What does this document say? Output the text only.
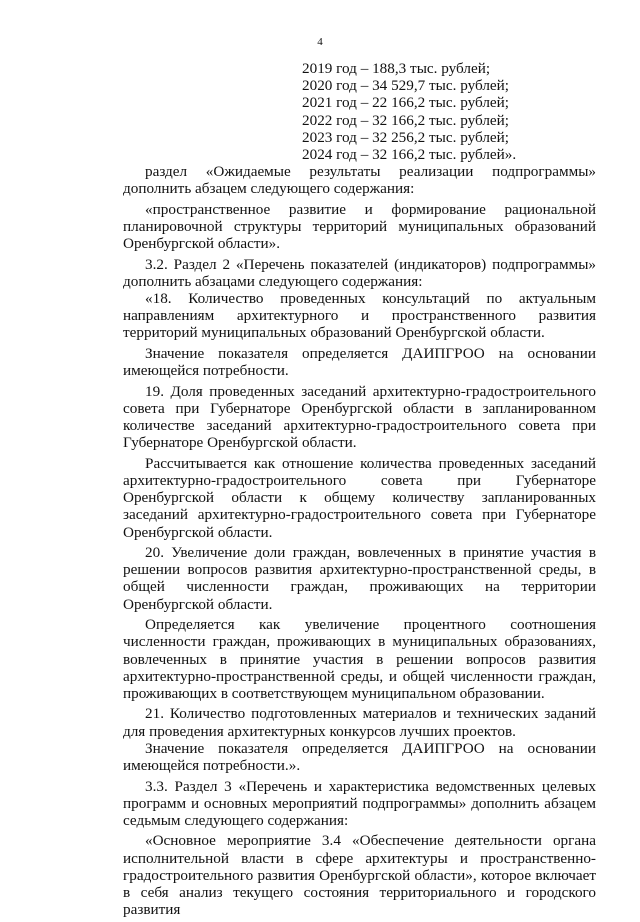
4
2019 год – 188,3 тыс. рублей;
2020 год – 34 529,7 тыс. рублей;
2021 год – 22 166,2 тыс. рублей;
2022 год – 32 166,2 тыс. рублей;
2023 год – 32 256,2 тыс. рублей;
2024 год – 32 166,2 тыс. рублей».

раздел «Ожидаемые результаты реализации подпрограммы» дополнить абзацем следующего содержания:

«пространственное развитие и формирование рациональной планировочной структуры территорий муниципальных образований Оренбургской области».

3.2. Раздел 2 «Перечень показателей (индикаторов) подпрограммы» дополнить абзацами следующего содержания:

«18. Количество проведенных консультаций по актуальным направлениям архитектурного и пространственного развития территорий муниципальных образований Оренбургской области.

Значение показателя определяется ДАИПГРОО на основании имеющейся потребности.

19. Доля проведенных заседаний архитектурно-градостроительного совета при Губернаторе Оренбургской области в запланированном количестве заседаний архитектурно-градостроительного совета при Губернаторе Оренбургской области.

Рассчитывается как отношение количества проведенных заседаний архитектурно-градостроительного совета при Губернаторе Оренбургской области к общему количеству запланированных заседаний архитектурно-градостроительного совета при Губернаторе Оренбургской области.

20. Увеличение доли граждан, вовлеченных в принятие участия в решении вопросов развития архитектурно-пространственной среды, в общей численности граждан, проживающих на территории Оренбургской области.

Определяется как увеличение процентного соотношения численности граждан, проживающих в муниципальных образованиях, вовлеченных в принятие участия в решении вопросов развития архитектурно-пространственной среды, и общей численности граждан, проживающих в соответствующем муниципальном образовании.

21. Количество подготовленных материалов и технических заданий для проведения архитектурных конкурсов лучших проектов.

Значение показателя определяется ДАИПГРОО на основании имеющейся потребности.».

3.3. Раздел 3 «Перечень и характеристика ведомственных целевых программ и основных мероприятий подпрограммы» дополнить абзацем седьмым следующего содержания:

«Основное мероприятие 3.4 «Обеспечение деятельности органа исполнительной власти в сфере архитектуры и пространственно-градостроительного развития Оренбургской области», которое включает в себя анализ текущего состояния территориального и городского развития
